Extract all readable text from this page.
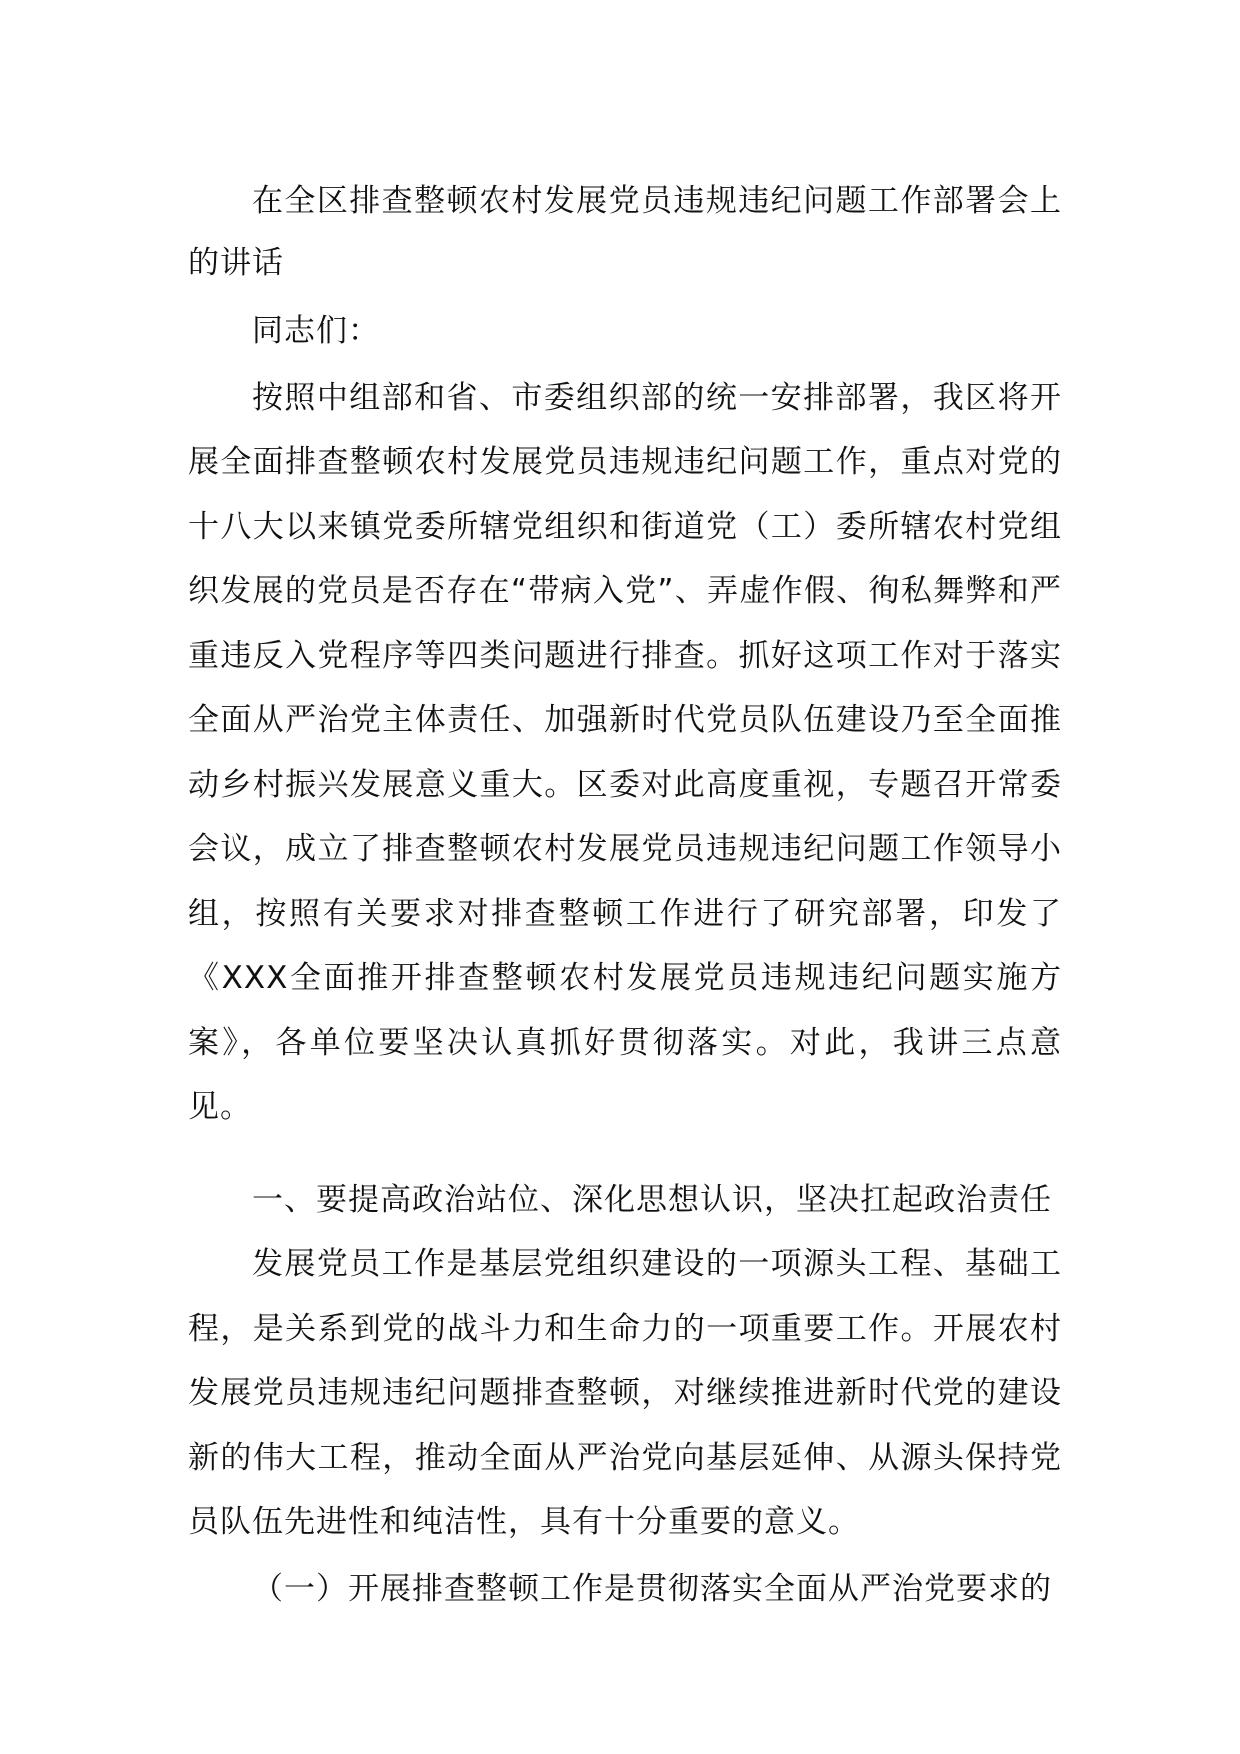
在全区排查整顿农村发展党员违规违纪问题工作部署会上的讲话

同志们：

按照中组部和省、市委组织部的统一安排部署，我区将开展全面排查整顿农村发展党员违规违纪问题工作，重点对党的十八大以来镇党委所辖党组织和街道党（工）委所辖农村党组织发展的党员是否存在“带病入党”、弄虚作假、徇私舞弊和严重违反入党程序等四类问题进行排查。抓好这项工作对于落实全面从严治党主体责任、加强新时代党员队伍建设乃至全面推动乡村振兴发展意义重大。区委对此高度重视，专题召开常委会议，成立了排查整顿农村发展党员违规违纪问题工作领导小组，按照有关要求对排查整顿工作进行了研究部署，印发了《XXX全面推开排查整顿农村发展党员违规违纪问题实施方案》，各单位要坚决认真抓好贯彻落实。对此，我讲三点意见。

一、要提高政治站位、深化思想认识，坚决扛起政治责任

发展党员工作是基层党组织建设的一项源头工程、基础工程，是关系到党的战斗力和生命力的一项重要工作。开展农村发展党员违规违纪问题排查整顿，对继续推进新时代党的建设新的伟大工程，推动全面从严治党向基层延伸、从源头保持党员队伍先进性和纯洁性，具有十分重要的意义。

（一）开展排查整顿工作是贯彻落实全面从严治党要求的
